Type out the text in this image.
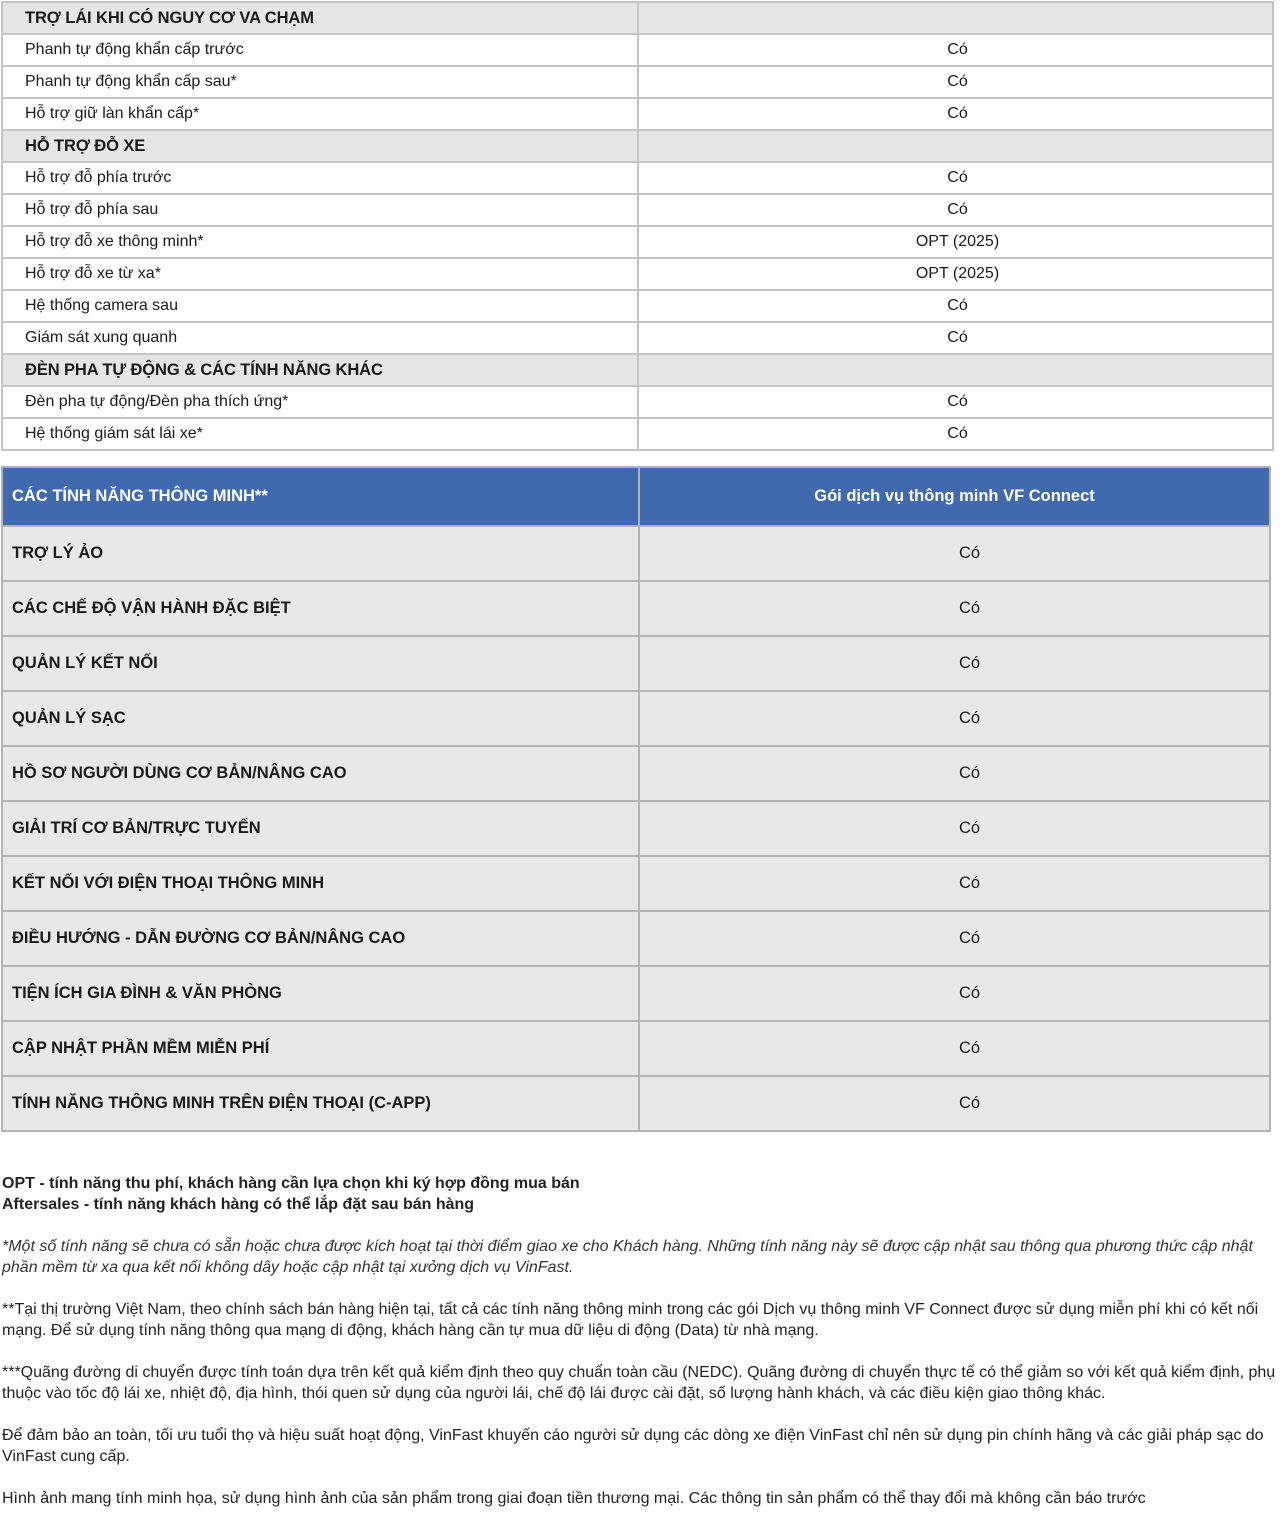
TRỢ LÁI KHI CÓ NGUY CƠ VA CHẠM	
Phanh tự động khẩn cấp trước	Có
Phanh tự động khẩn cấp sau*	Có
Hỗ trợ giữ làn khẩn cấp*	Có
HỖ TRỢ ĐỖ XE	
Hỗ trợ đỗ phía trước	Có
Hỗ trợ đỗ phía sau	Có
Hỗ trợ đỗ xe thông minh*	OPT (2025)
Hỗ trợ đỗ xe từ xa*	OPT (2025)
Hệ thống camera sau	Có
Giám sát xung quanh	Có
ĐÈN PHA TỰ ĐỘNG & CÁC TÍNH NĂNG KHÁC	
Đèn pha tự động/Đèn pha thích ứng*	Có
Hệ thống giám sát lái xe*	Có
CÁC TÍNH NĂNG THÔNG MINH**	Gói dịch vụ thông minh VF Connect
TRỢ LÝ ẢO	Có
CÁC CHẾ ĐỘ VẬN HÀNH ĐẶC BIỆT	Có
QUẢN LÝ KẾT NỐI	Có
QUẢN LÝ SẠC	Có
HỒ SƠ NGƯỜI DÙNG CƠ BẢN/NÂNG CAO	Có
GIẢI TRÍ CƠ BẢN/TRỰC TUYẾN	Có
KẾT NỐI VỚI ĐIỆN THOẠI THÔNG MINH	Có
ĐIỀU HƯỚNG - DẪN ĐƯỜNG CƠ BẢN/NÂNG CAO	Có
TIỆN ÍCH GIA ĐÌNH & VĂN PHÒNG	Có
CẬP NHẬT PHẦN MỀM MIỄN PHÍ	Có
TÍNH NĂNG THÔNG MINH TRÊN ĐIỆN THOẠI (C-APP)	Có

OPT - tính năng thu phí, khách hàng cần lựa chọn khi ký hợp đồng mua bán

Aftersales - tính năng khách hàng có thể lắp đặt sau bán hàng

*Một số tính năng sẽ chưa có sẵn hoặc chưa được kích hoạt tại thời điểm giao xe cho Khách hàng. Những tính năng này sẽ được cập nhật sau thông qua phương thức cập nhật phần mềm từ xa qua kết nối không dây hoặc cập nhật tại xưởng dịch vụ VinFast.

**Tại thị trường Việt Nam, theo chính sách bán hàng hiện tại, tất cả các tính năng thông minh trong các gói Dịch vụ thông minh VF Connect được sử dụng miễn phí khi có kết nối mạng. Để sử dụng tính năng thông qua mạng di động, khách hàng cần tự mua dữ liệu di động (Data) từ nhà mạng.

***Quãng đường di chuyển được tính toán dựa trên kết quả kiểm định theo quy chuẩn toàn cầu (NEDC). Quãng đường di chuyển thực tế có thể giảm so với kết quả kiểm định, phụ thuộc vào tốc độ lái xe, nhiệt độ, địa hình, thói quen sử dụng của người lái, chế độ lái được cài đặt, số lượng hành khách, và các điều kiện giao thông khác.

Để đảm bảo an toàn, tối ưu tuổi thọ và hiệu suất hoạt động, VinFast khuyến cáo người sử dụng các dòng xe điện VinFast chỉ nên sử dụng pin chính hãng và các giải pháp sạc do VinFast cung cấp.

Hình ảnh mang tính minh họa, sử dụng hình ảnh của sản phẩm trong giai đoạn tiền thương mại. Các thông tin sản phẩm có thể thay đổi mà không cần báo trước
